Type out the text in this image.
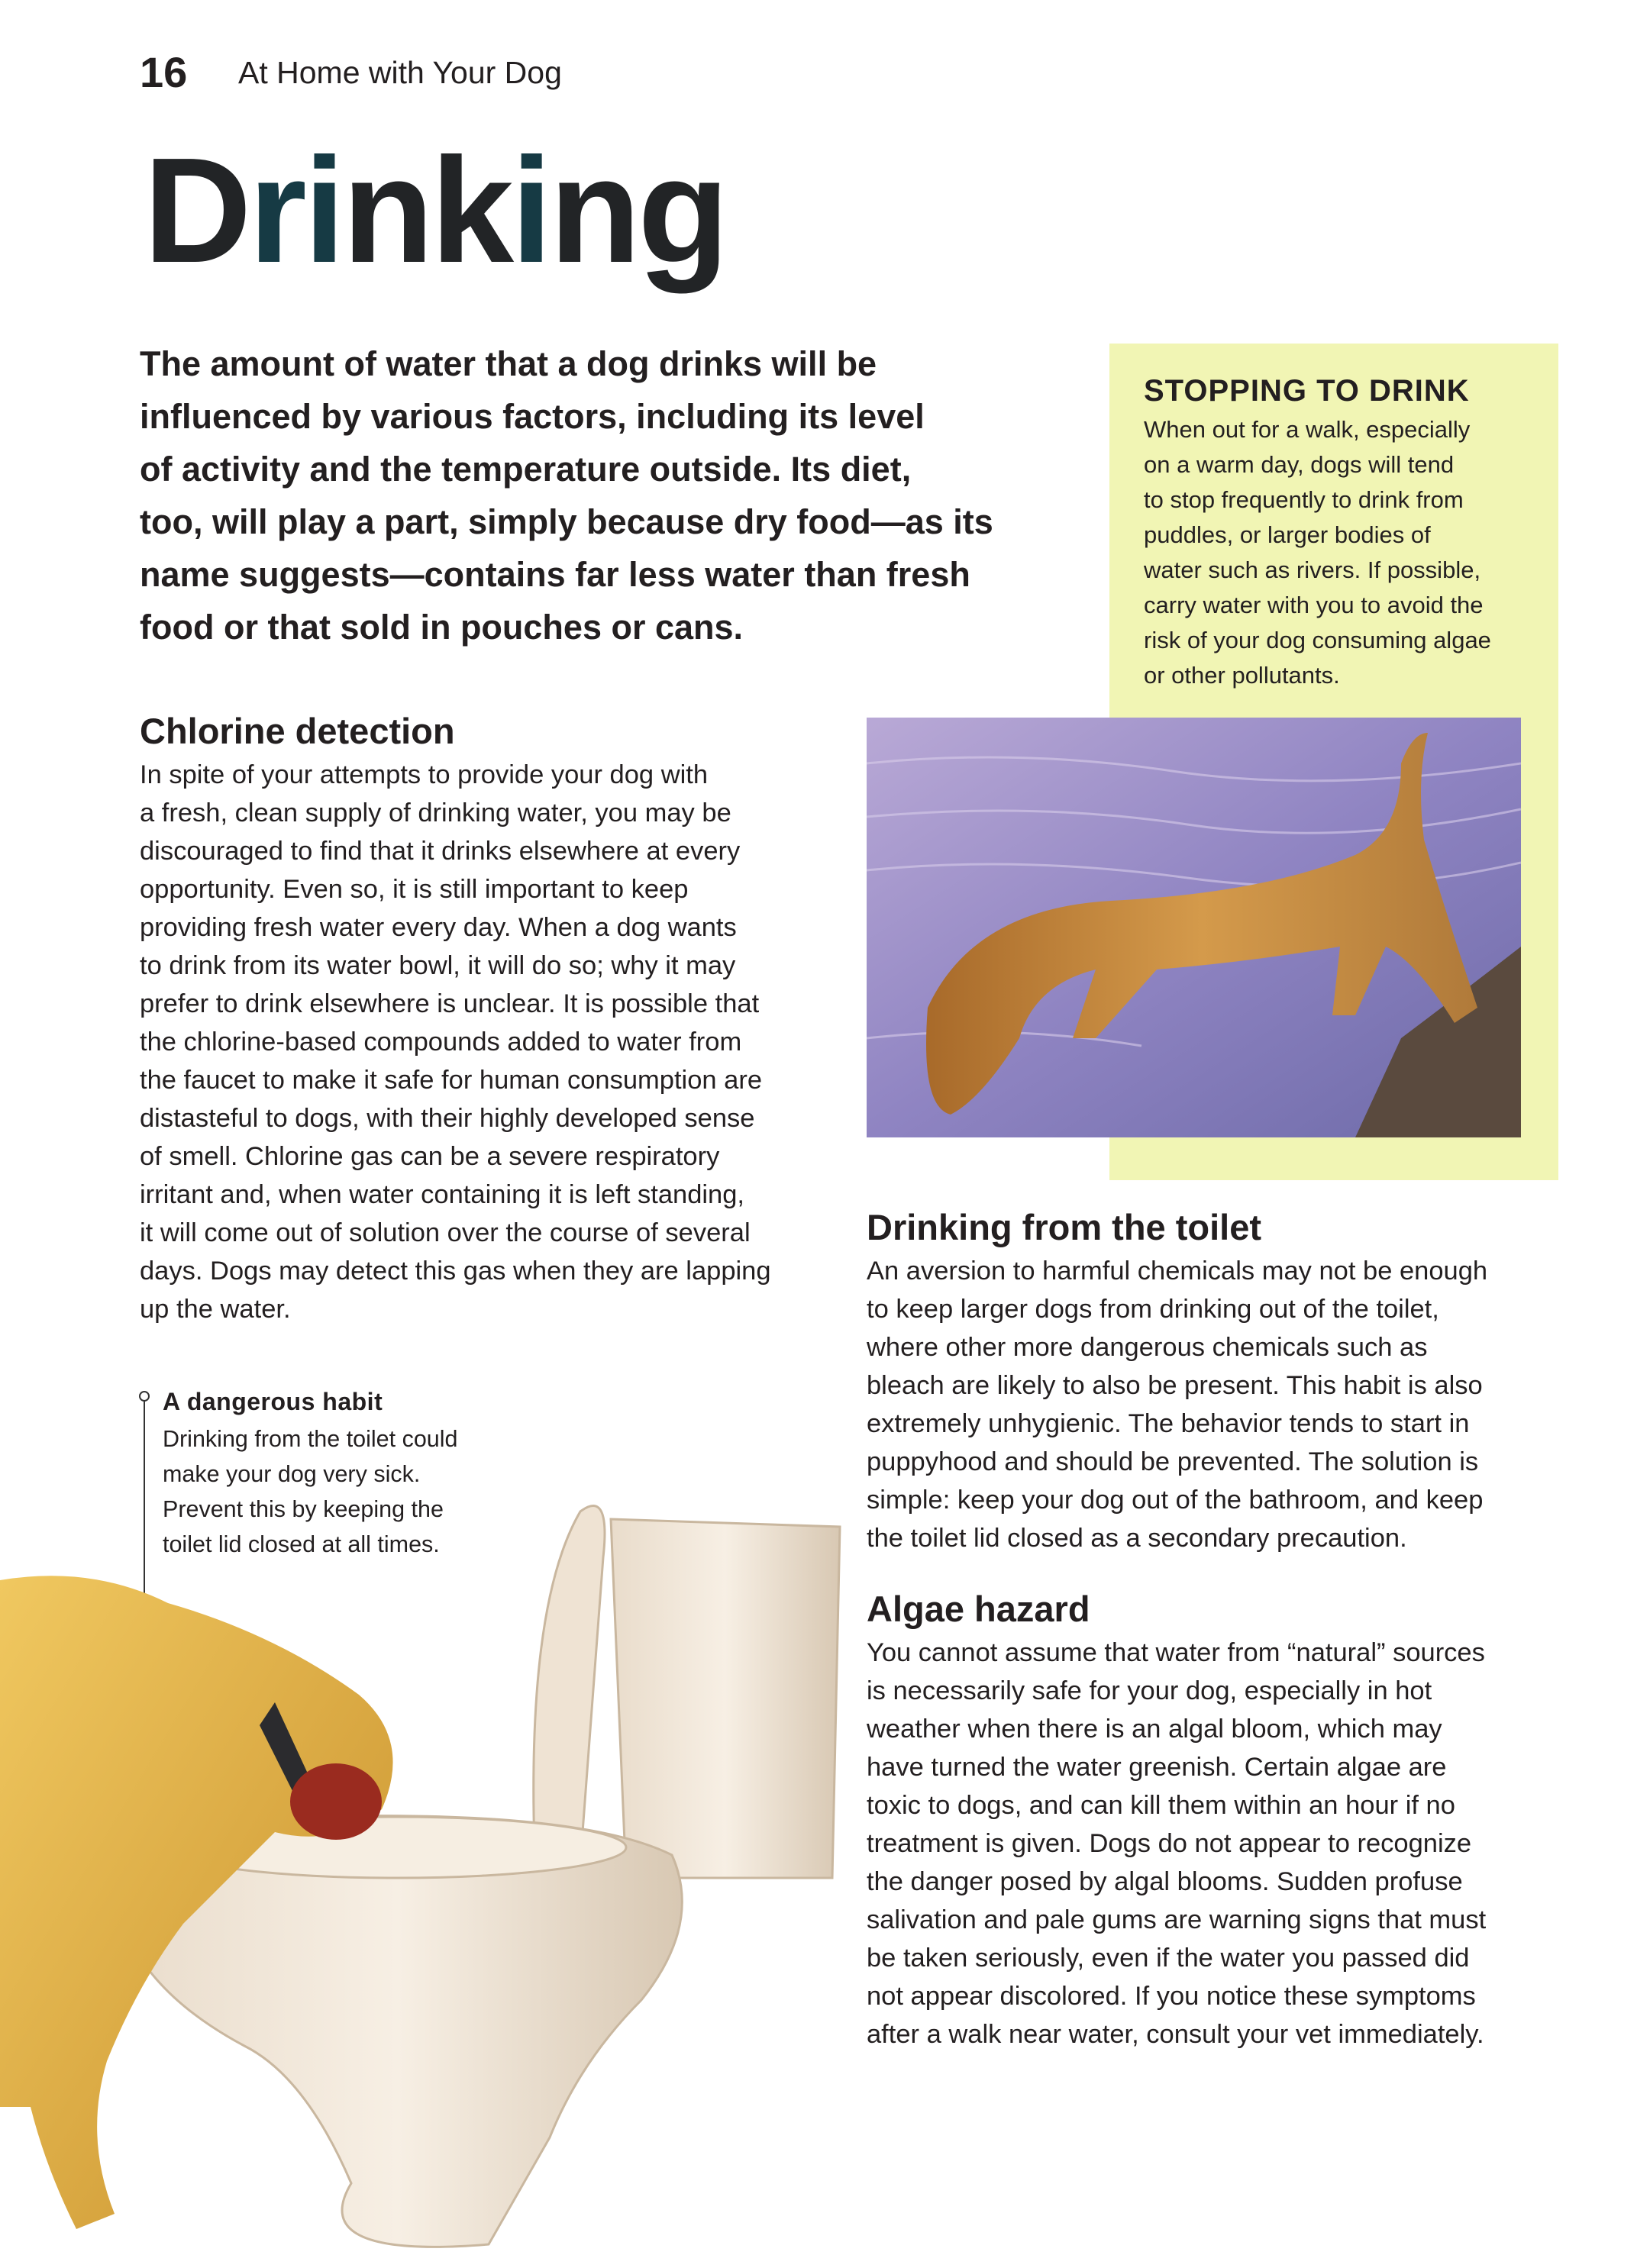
16 At Home with Your Dog
Drinking
The amount of water that a dog drinks will be
influenced by various factors, including its level
of activity and the temperature outside. Its diet,
too, will play a part, simply because dry food—as its
name suggests—contains far less water than fresh
food or that sold in pouches or cans.
Chlorine detection
In spite of your attempts to provide your dog with
a fresh, clean supply of drinking water, you may be
discouraged to find that it drinks elsewhere at every
opportunity. Even so, it is still important to keep
providing fresh water every day. When a dog wants
to drink from its water bowl, it will do so; why it may
prefer to drink elsewhere is unclear. It is possible that
the chlorine-based compounds added to water from
the faucet to make it safe for human consumption are
distasteful to dogs, with their highly developed sense
of smell. Chlorine gas can be a severe respiratory
irritant and, when water containing it is left standing,
it will come out of solution over the course of several
days. Dogs may detect this gas when they are lapping
up the water.
STOPPING TO DRINK
When out for a walk, especially
on a warm day, dogs will tend
to stop frequently to drink from
puddles, or larger bodies of
water such as rivers. If possible,
carry water with you to avoid the
risk of your dog consuming algae
or other pollutants.
A dangerous habit
Drinking from the toilet could
make your dog very sick.
Prevent this by keeping the
toilet lid closed at all times.
Drinking from the toilet
An aversion to harmful chemicals may not be enough
to keep larger dogs from drinking out of the toilet,
where other more dangerous chemicals such as
bleach are likely to also be present. This habit is also
extremely unhygienic. The behavior tends to start in
puppyhood and should be prevented. The solution is
simple: keep your dog out of the bathroom, and keep
the toilet lid closed as a secondary precaution.
Algae hazard
You cannot assume that water from “natural” sources
is necessarily safe for your dog, especially in hot
weather when there is an algal bloom, which may
have turned the water greenish. Certain algae are
toxic to dogs, and can kill them within an hour if no
treatment is given. Dogs do not appear to recognize
the danger posed by algal blooms. Sudden profuse
salivation and pale gums are warning signs that must
be taken seriously, even if the water you passed did
not appear discolored. If you notice these symptoms
after a walk near water, consult your vet immediately.
